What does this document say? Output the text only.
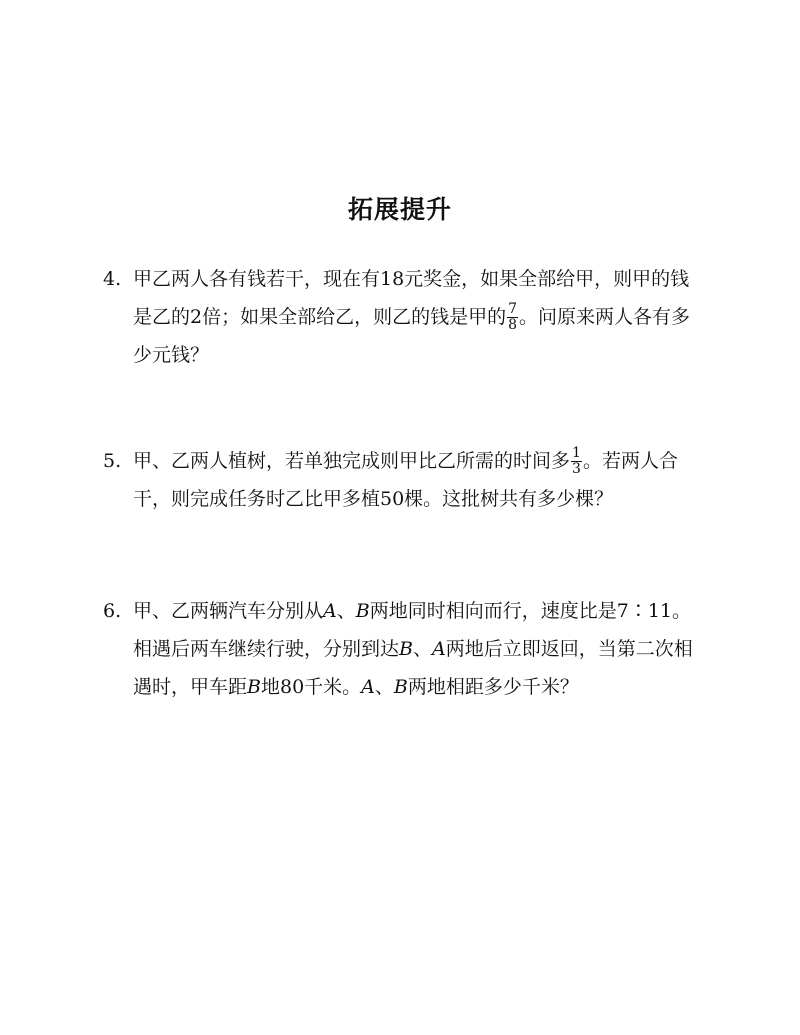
拓展提升
4. 甲乙两人各有钱若干，现在有18元奖金，如果全部给甲，则甲的钱
是乙的2倍；如果全部给乙，则乙的钱是甲的 $\frac{7}{8}$ 。问原来两人各有多
少元钱？
5. 甲、乙两人植树，若单独完成则甲比乙所需的时间多 $\frac{1}{3}$ 。若两人合
干，则完成任务时乙比甲多植50棵。这批树共有多少棵？
6. 甲、乙两辆汽车分别从A、B两地同时相向而行，速度比是7∶11。
相遇后两车继续行驶，分别到达B、A两地后立即返回，当第二次相
遇时，甲车距B地80千米。A、B两地相距多少千米？
